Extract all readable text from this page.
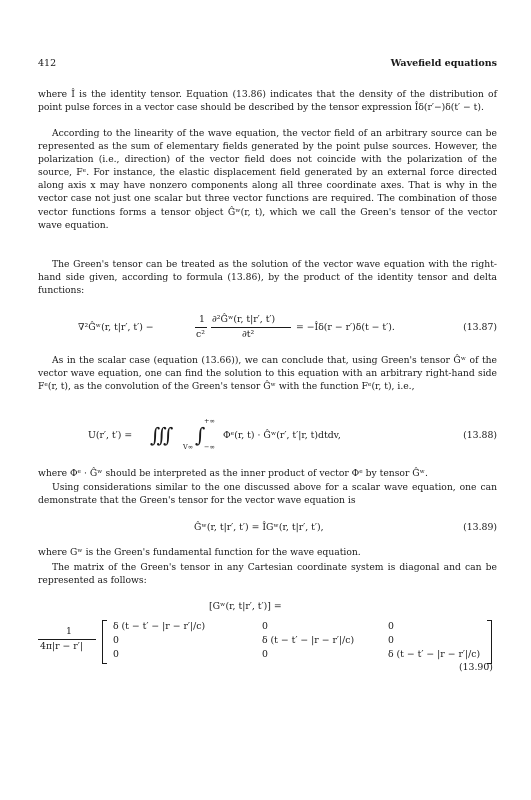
412	Wavefield equations

where Î is the identity tensor. Equation (13.86) indicates that the density of the distribution of point pulse forces in a vector case should be described by the tensor expression Îδ(r′−)δ(t′ − t).

According to the linearity of the wave equation, the vector field of an arbitrary source can be represented as the sum of elementary fields generated by the point pulse sources. However, the polarization (i.e., direction) of the vector field does not coincide with the polarization of the source, Fᵉ. For instance, the elastic displacement field generated by an external force directed along axis x may have nonzero components along all three coordinate axes. That is why in the vector case not just one scalar but three vector functions are required. The combination of those vector functions forms a tensor object Ĝʷ(r, t), which we call the Green's tensor of the vector wave equation.

The Green's tensor can be treated as the solution of the vector wave equation with the right-hand side given, according to formula (13.86), by the product of the identity tensor and delta functions:

∇²Ĝʷ(r, t|r′, t′) −
1
c²
∂²Ĝʷ(r, t|r′, t′)
∂t²
= −Îδ(r − r′)δ(t − t′).	(13.87)

As in the scalar case (equation (13.66)), we can conclude that, using Green's tensor Ĝʷ of the vector wave equation, one can find the solution to this equation with an arbitrary right-hand side Fᵉ(r, t), as the convolution of the Green's tensor Ĝʷ with the function Fᵉ(r, t), i.e.,

U(r′, t′) = ∭ V∞ ∫
+∞
−∞
Φᵉ(r, t) · Ĝʷ(r′, t′|r, t)dtdv,	(13.88)

where Φᵉ · Ĝʷ should be interpreted as the inner product of vector Φᵉ by tensor Ĝʷ.

Using considerations similar to the one discussed above for a scalar wave equation, one can demonstrate that the Green's tensor for the vector wave equation is

Ĝʷ(r, t|r′, t′) = ÎGʷ(r, t|r′, t′),	(13.89)

where Gʷ is the Green's fundamental function for the wave equation.

The matrix of the Green's tensor in any Cartesian coordinate system is diagonal and can be represented as follows:

[Gʷ(r, t|r′, t′)] =
1
4π|r − r′|
δ (t − t′ − |r − r′|/c)	0	0
0	δ (t − t′ − |r − r′|/c)	0
0	0	δ (t − t′ − |r − r′|/c)
(13.90)
